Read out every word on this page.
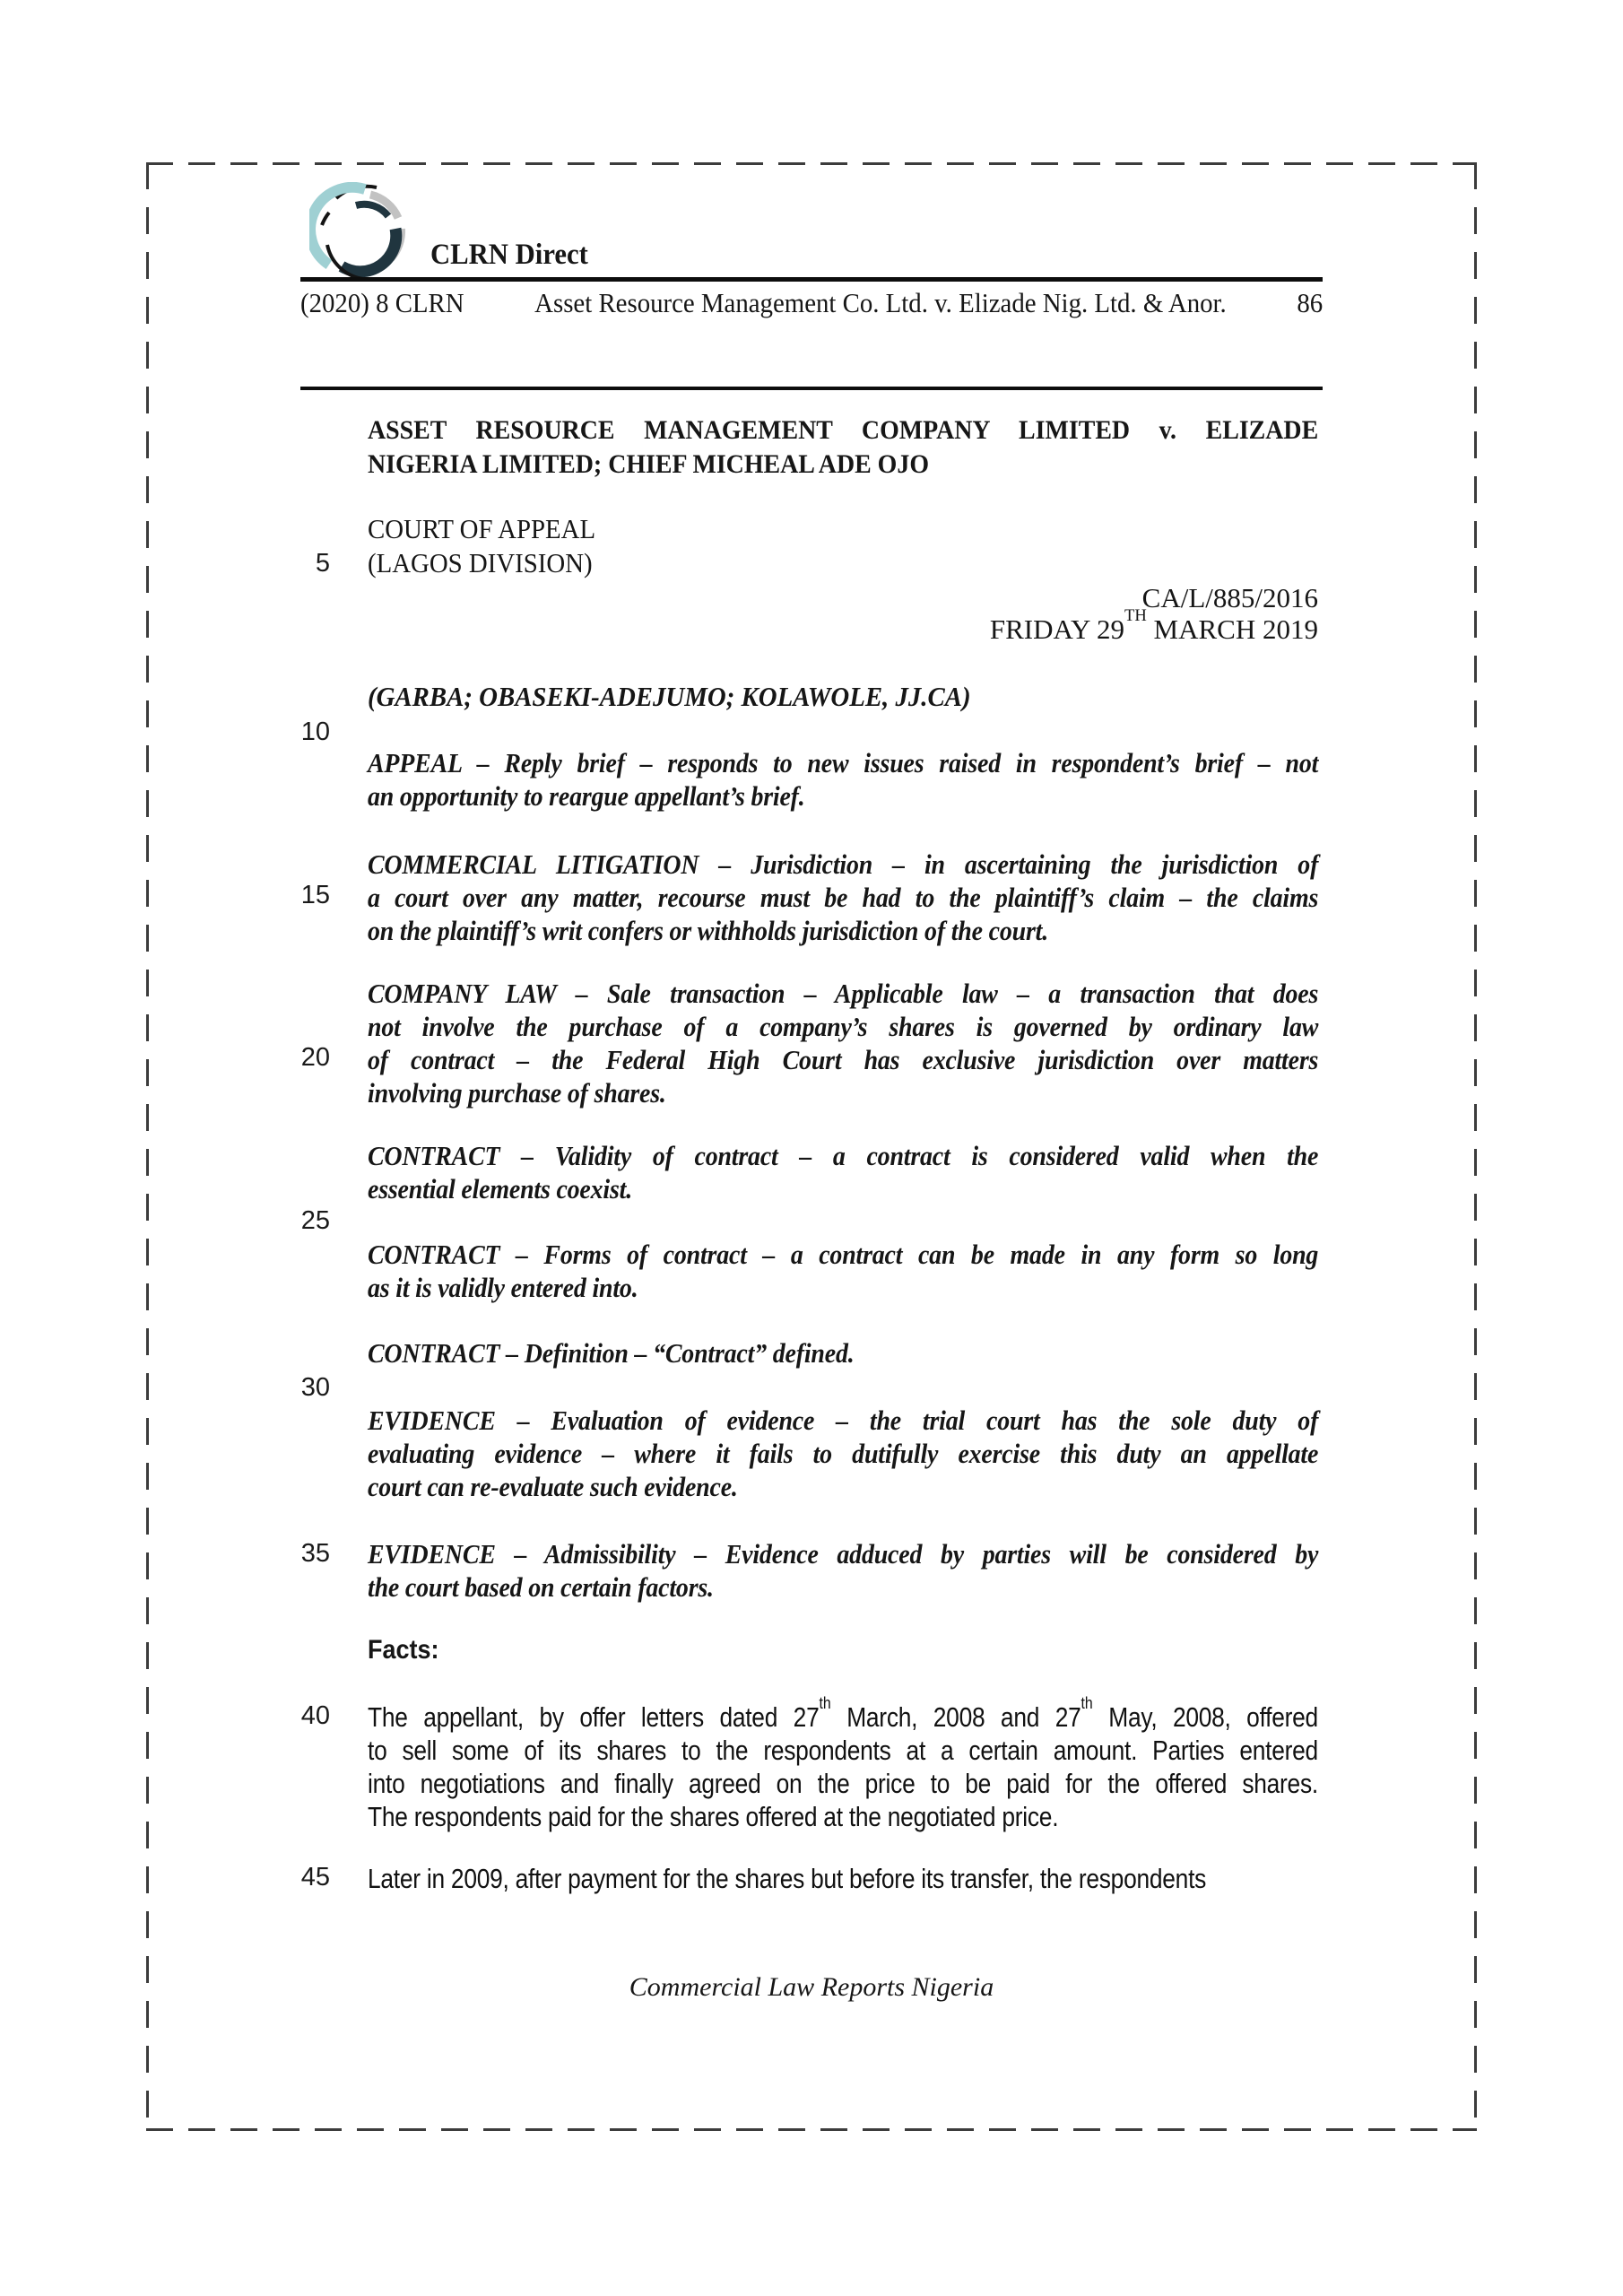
CLRN Direct
(2020) 8 CLRN	Asset Resource Management Co. Ltd. v. Elizade Nig. Ltd. & Anor.	86
ASSET RESOURCE MANAGEMENT COMPANY LIMITED v. ELIZADE
NIGERIA LIMITED; CHIEF MICHEAL ADE OJO
COURT OF APPEAL
(LAGOS DIVISION)
CA/L/885/2016
FRIDAY 29TH MARCH 2019
(GARBA; OBASEKI-ADEJUMO; KOLAWOLE, JJ.CA)
5
10
15
20
25
30
35
40
45
APPEAL – Reply brief – responds to new issues raised in respondent’s brief – not
an opportunity to reargue appellant’s brief.
COMMERCIAL LITIGATION – Jurisdiction – in ascertaining the jurisdiction of
a court over any matter, recourse must be had to the plaintiff’s claim – the claims
on the plaintiff’s writ confers or withholds jurisdiction of the court.
COMPANY LAW – Sale transaction – Applicable law – a transaction that does
not involve the purchase of a company’s shares is governed by ordinary law
of contract – the Federal High Court has exclusive jurisdiction over matters
involving purchase of shares.
CONTRACT – Validity of contract – a contract is considered valid when the
essential elements coexist.
CONTRACT – Forms of contract – a contract can be made in any form so long
as it is validly entered into.
CONTRACT – Definition – “Contract” defined.
EVIDENCE – Evaluation of evidence – the trial court has the sole duty of
evaluating evidence – where it fails to dutifully exercise this duty an appellate
court can re-evaluate such evidence.
EVIDENCE – Admissibility – Evidence adduced by parties will be considered by
the court based on certain factors.
Facts:
The appellant, by offer letters dated 27th March, 2008 and 27th May, 2008, offered
to sell some of its shares to the respondents at a certain amount. Parties entered
into negotiations and finally agreed on the price to be paid for the offered shares.
The respondents paid for the shares offered at the negotiated price.
Later in 2009, after payment for the shares but before its transfer, the respondents
Commercial Law Reports Nigeria
